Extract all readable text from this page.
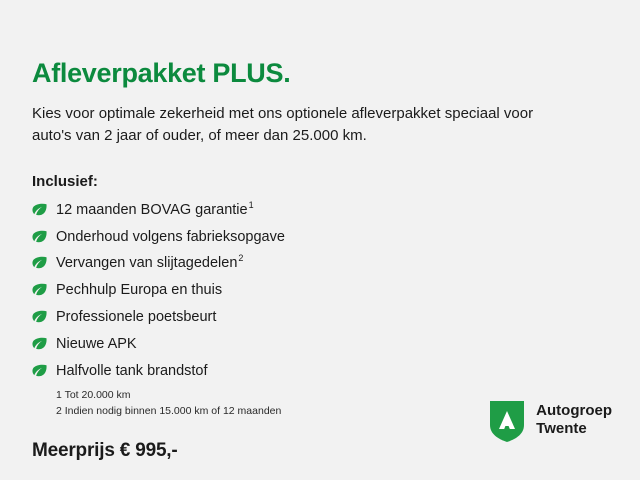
Afleverpakket PLUS.

Kies voor optimale zekerheid met ons optionele afleverpakket speciaal voor auto's van 2 jaar of ouder, of meer dan 25.000 km.

Inclusief:
12 maanden BOVAG garantie$^1$
Onderhoud volgens fabrieksopgave
Vervangen van slijtagedelen$^2$
Pechhulp Europa en thuis
Professionele poetsbeurt
Nieuwe APK
Halfvolle tank brandstof
1 Tot 20.000 km
2 Indien nodig binnen 15.000 km of 12 maanden
Meerprijs € 995,-
Autogroep
Twente
